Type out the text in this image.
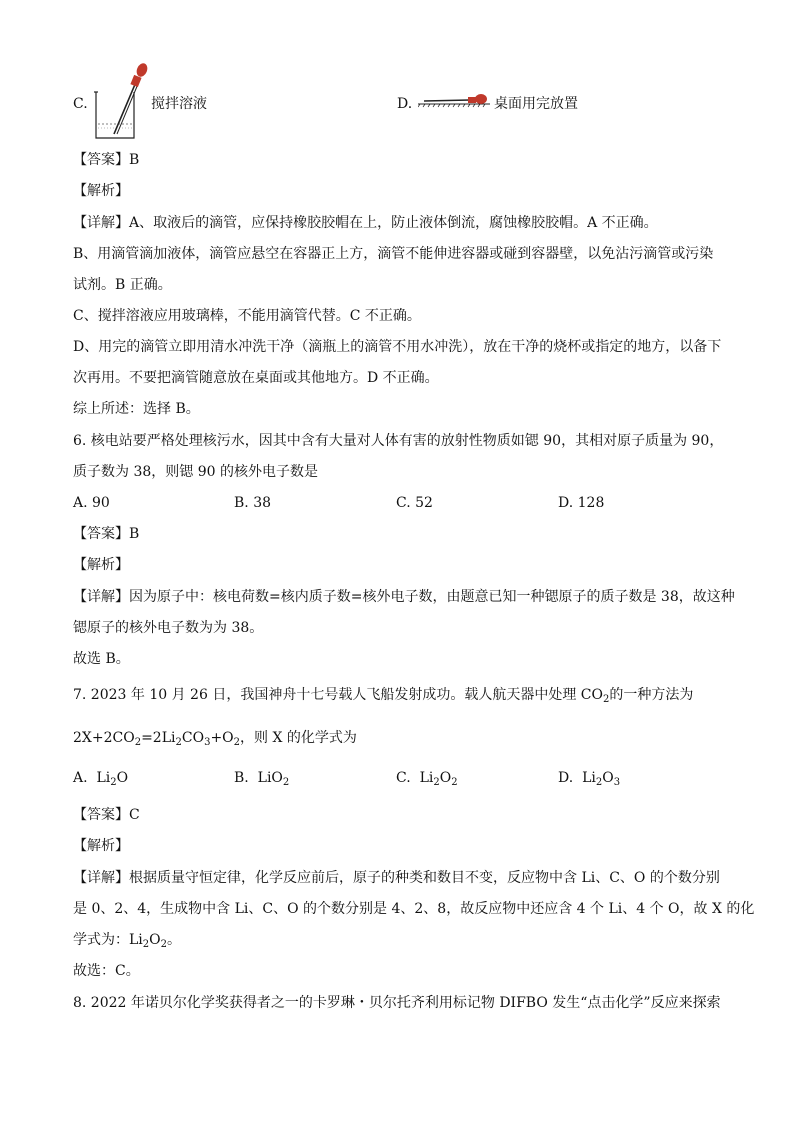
C.	搅拌溶液	D.	桌面用完放置
【答案】B
【解析】
【详解】A、取液后的滴管，应保持橡胶胶帽在上，防止液体倒流，腐蚀橡胶胶帽。A 不正确。
B、用滴管滴加液体，滴管应悬空在容器正上方，滴管不能伸进容器或碰到容器壁，以免沾污滴管或污染
试剂。B 正确。
C、搅拌溶液应用玻璃棒，不能用滴管代替。C 不正确。
D、用完的滴管立即用清水冲洗干净（滴瓶上的滴管不用水冲洗），放在干净的烧杯或指定的地方，以备下
次再用。不要把滴管随意放在桌面或其他地方。D 不正确。
综上所述：选择 B。
6. 核电站要严格处理核污水，因其中含有大量对人体有害的放射性物质如锶 90，其相对原子质量为 90，
质子数为 38，则锶 90 的核外电子数是
A. 90	B. 38	C. 52	D. 128
【答案】B
【解析】
【详解】因为原子中：核电荷数=核内质子数=核外电子数，由题意已知一种锶原子的质子数是 38，故这种
锶原子的核外电子数为为 38。
故选 B。
7. 2023 年 10 月 26 日，我国神舟十七号载人飞船发射成功。载人航天器中处理 $CO_2$的一种方法为
$2X+2CO_2=2Li_2CO_3+O_2$，则 X 的化学式为
A. $Li_2O$	B. LiO$_2$	C. $Li_2O_2$	D. $Li_2O_3$
【答案】C
【解析】
【详解】根据质量守恒定律，化学反应前后，原子的种类和数目不变，反应物中含 Li、C、O 的个数分别
是 0、2、4，生成物中含 Li、C、O 的个数分别是 4、2、8，故反应物中还应含 4 个 Li、4 个 O，故 X 的化
学式为：$Li_2O_2$。
故选：C。
8. 2022 年诺贝尔化学奖获得者之一的卡罗琳・贝尔托齐利用标记物 DIFBO 发生“点击化学”反应来探索
